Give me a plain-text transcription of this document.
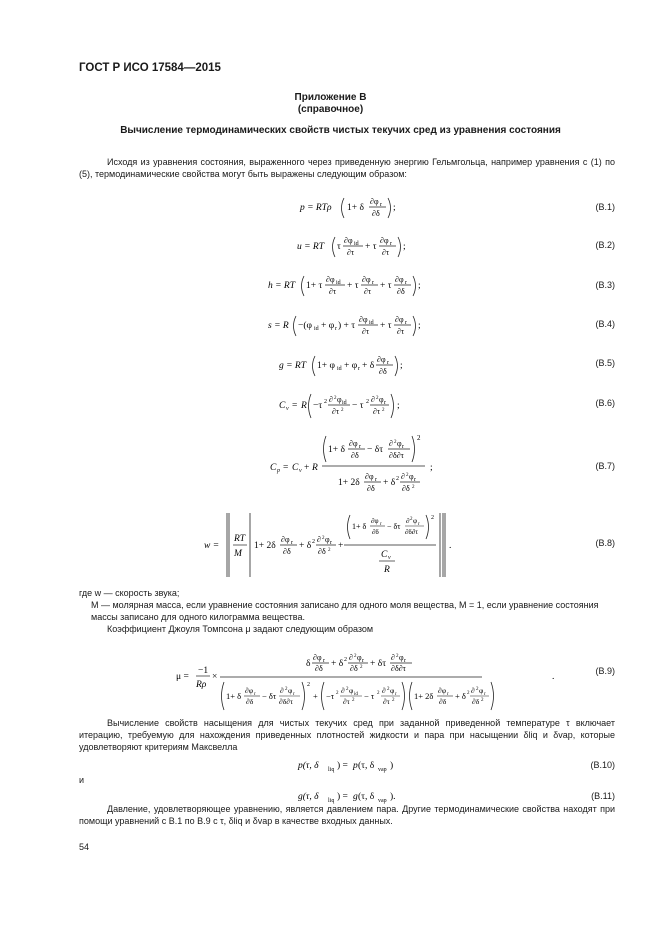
ГОСТ Р ИСО 17584—2015
Приложение В
(справочное)
Вычисление термодинамических свойств чистых текучих сред из уравнения состояния
Исходя из уравнения состояния, выраженного через приведенную энергию Гельмгольца, например уравнения с (1) по (5), термодинамические свойства могут быть выражены следующим образом:
p = RTρ 1+ δ
∂φ r
∂δ
;	(В.1)
u = RT τ
∂φ id
∂τ
+ τ
∂φ r
∂τ
;	(В.2)
h = RT 1+ τ
∂φ id
∂τ
+ τ
∂φ r
∂τ
+ τ
∂φ r
∂δ
;	(В.3)
s = R −(φ id + φ r ) + τ
∂φ id
∂τ
+ τ
∂φ r
∂τ
;	(В.4)
g = RT 1+ φ id + φ r + δ
∂φ r
∂δ
;	(В.5)
C v = R −τ 2 ∂ 2 φ id
∂τ 2 − τ 2 ∂ 2 φ r
∂τ 2 ;	(В.6)
C p = C v + R
1+ δ
∂φ r
∂δ
− δτ
∂ 2 φ r
∂δ∂τ
2
1+ 2δ
∂φ r
∂δ
+ δ 2 ∂ 2 φ r
∂δ 2
;	(В.7)
w =
RT
M
1+ 2δ
∂φ r
∂δ
+ δ 2 ∂ 2 φ r
∂δ 2 +
1+ δ
∂φ r
∂δ
− δτ
∂ 2 φ r
∂δ∂τ
2
C v
R
.	(В.8)
где w — скорость звука;
M — молярная масса, если уравнение состояния записано для одного моля вещества, M = 1, если уравнение состояния массы записано для одного килограмма вещества.
Коэффициент Джоуля Томпсона μ задают следующим образом
μ =
−1
Rρ
×
δ
∂φ r
∂δ + δ 2 ∂ 2 φ r
∂δ 2 + δτ
∂ 2 φ r
∂δ∂τ
1+ δ
∂φ r
∂δ
− δτ
∂ 2 φ r
∂δ∂τ
2
+ −τ 2 ∂ 2 φ id
∂τ 2 − τ 2 ∂ 2 φ r
∂τ 2 1+ 2δ
∂φ r
∂δ
+ δ 2 ∂ 2 φ r
∂δ 2
.
(В.9)
Вычисление свойств насыщения для чистых текучих сред при заданной приведенной температуре τ включает итерацию, требуемую для нахождения приведенных плотностей жидкости и пара при насыщении δliq и δvap, которые удовлетворяют критериям Максвелла
p(τ, δ liq ) = p (τ, δ vap )	(В.10)
и
g(τ, δ liq ) = g (τ, δ vap ).	(В.11)
Давление, удовлетворяющее уравнению, является давлением пара. Другие термодинамические свойства находят при помощи уравнений с В.1 по В.9 с τ, δliq и δvap в качестве входных данных.
54
